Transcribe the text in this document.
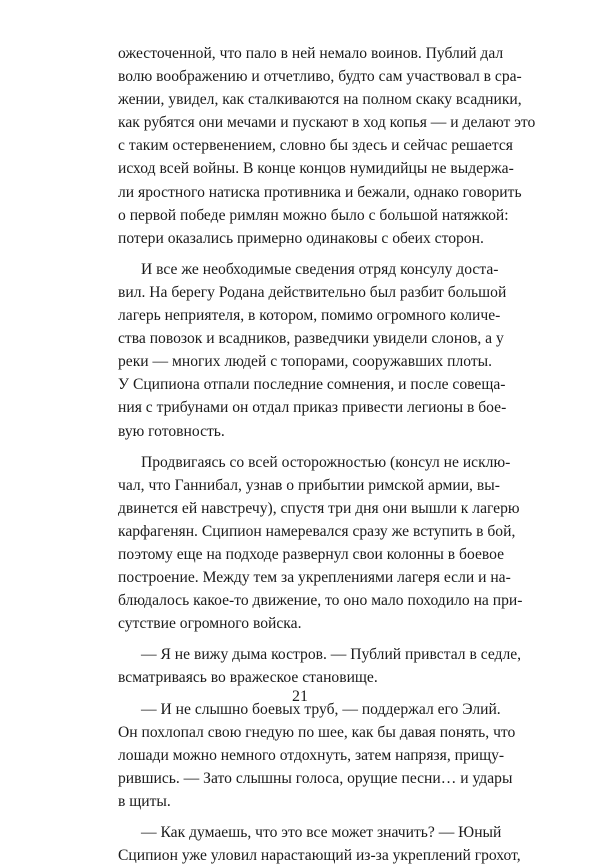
ожесточенной, что пало в ней немало воинов. Публий дал
волю воображению и отчетливо, будто сам участвовал в сра-
жении, увидел, как сталкиваются на полном скаку всадники,
как рубятся они мечами и пускают в ход копья — и делают это
с таким остервенением, словно бы здесь и сейчас решается
исход всей войны. В конце концов нумидийцы не выдержа-
ли яростного натиска противника и бежали, однако говорить
о первой победе римлян можно было с большой натяжкой:
потери оказались примерно одинаковы с обеих сторон.
И все же необходимые сведения отряд консулу доста-
вил. На берегу Родана действительно был разбит большой
лагерь неприятеля, в котором, помимо огромного количе-
ства повозок и всадников, разведчики увидели слонов, а у
реки — многих людей с топорами, сооружавших плоты.
У Сципиона отпали последние сомнения, и после совеща-
ния с трибунами он отдал приказ привести легионы в бое-
вую готовность.
Продвигаясь со всей осторожностью (консул не исклю-
чал, что Ганнибал, узнав о прибытии римской армии, вы-
двинется ей навстречу), спустя три дня они вышли к лагерю
карфагенян. Сципион намеревался сразу же вступить в бой,
поэтому еще на подходе развернул свои колонны в боевое
построение. Между тем за укреплениями лагеря если и на-
блюдалось какое-то движение, то оно мало походило на при-
сутствие огромного войска.
— Я не вижу дыма костров. — Публий привстал в седле,
всматриваясь во вражеское становище.
— И не слышно боевых труб, — поддержал его Элий.
Он похлопал свою гнедую по шее, как бы давая понять, что
лошади можно немного отдохнуть, затем напрязя, прищу-
рившись. — Зато слышны голоса, орущие песни… и удары
в щиты.
— Как думаешь, что это все может значить? — Юный
Сципион уже уловил нарастающий из-за укреплений грохот,
21
